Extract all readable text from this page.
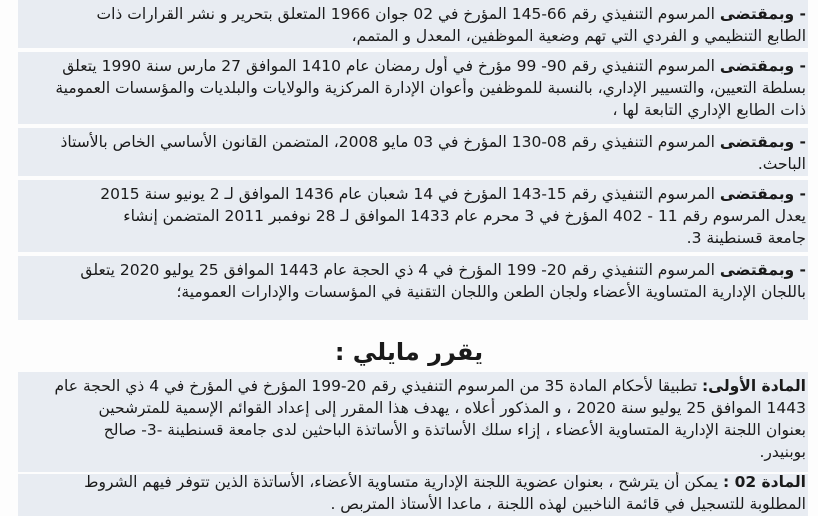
- وبمقتضى المرسوم التنفيذي رقم 66-145 المؤرخ في 02 جوان 1966 المتعلق بتحرير و نشر القرارات ذات
الطابع التنظيمي و الفردي التي تهم وضعية الموظفين، المعدل و المتمم،
- وبمقتضى المرسوم التنفيذي رقم 90- 99 مؤرخ في أول رمضان عام 1410 الموافق 27 مارس سنة 1990 يتعلق
بسلطة التعيين، والتسيير الإداري، بالنسبة للموظفين وأعوان الإدارة المركزية والولايات والبلديات والمؤسسات العمومية
ذات الطابع الإداري التابعة لها ،
- وبمقتضى المرسوم التنفيذي رقم 08-130 المؤرخ في 03 مايو 2008، المتضمن القانون الأساسي الخاص بالأستاذ
الباحث.
- وبمقتضى المرسوم التنفيذي رقم 15-143 المؤرخ في 14 شعبان عام 1436 الموافق لـ 2 يونيو سنة 2015
يعدل المرسوم رقم 11 - 402 المؤرخ في 3 محرم عام 1433 الموافق لـ 28 نوفمبر 2011 المتضمن إنشاء
جامعة قسنطينة 3.
- وبمقتضى المرسوم التنفيذي رقم 20- 199 المؤرخ في 4 ذي الحجة عام 1443 الموافق 25 يوليو 2020 يتعلق
باللجان الإدارية المتساوية الأعضاء ولجان الطعن واللجان التقنية في المؤسسات والإدارات العمومية؛
يقرر مايلي :
المادة الأولى: تطبيقا لأحكام المادة 35 من المرسوم التنفيذي رقم 20-199 المؤرخ في المؤرخ في 4 ذي الحجة عام
1443 الموافق 25 يوليو سنة 2020 ، و المذكور أعلاه ، يهدف هذا المقرر إلى إعداد القوائم الإسمية للمترشحين
بعنوان اللجنة الإدارية المتساوية الأعضاء ، إزاء سلك الأساتذة و الأساتذة الباحثين لدى جامعة قسنطينة -3- صالح
بوبنيدر.
المادة 02 : يمكن أن يترشح ، بعنوان عضوية اللجنة الإدارية متساوية الأعضاء، الأساتذة الذين تتوفر فيهم الشروط
المطلوبة للتسجيل في قائمة الناخبين لهذه اللجنة ، ماعدا الأستاذ المتربص .
